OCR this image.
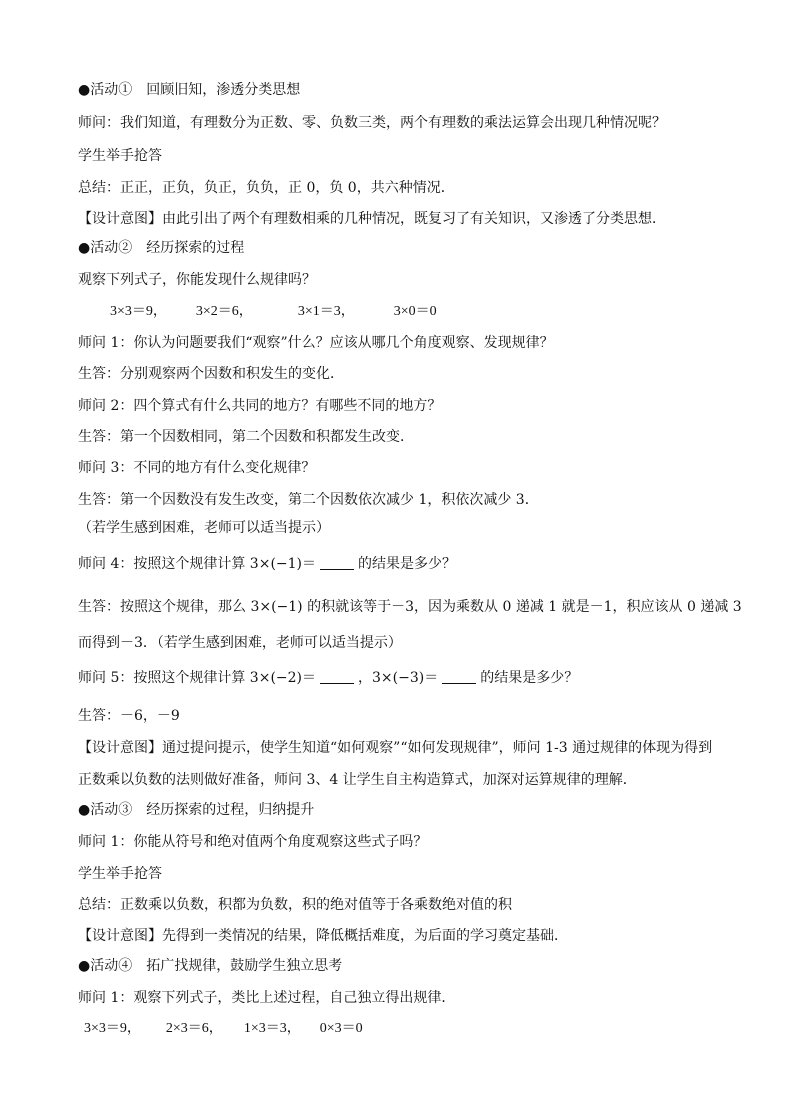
●活动①　回顾旧知，渗透分类思想
师问：我们知道，有理数分为正数、零、负数三类，两个有理数的乘法运算会出现几种情况呢？
学生举手抢答
总结：正正，正负，负正，负负，正 0，负 0，共六种情况．
【设计意图】由此引出了两个有理数相乘的几种情况，既复习了有关知识，又渗透了分类思想．
●活动②　经历探索的过程
观察下列式子，你能发现什么规律吗？
3×3＝9， 3×2＝6，	3×1＝3，	3×0＝0
师问 1：你认为问题要我们“观察”什么？应该从哪几个角度观察、发现规律？
生答：分别观察两个因数和积发生的变化．
师问 2：四个算式有什么共同的地方？有哪些不同的地方？
生答：第一个因数相同，第二个因数和积都发生改变．
师问 3：不同的地方有什么变化规律？
生答：第一个因数没有发生改变，第二个因数依次减少 1，积依次减少 3．
（若学生感到困难，老师可以适当提示）
师问 4：按照这个规律计算 3×(−1)＝	的结果是多少？
生答：按照这个规律，那么 3×(−1) 的积就该等于－3，因为乘数从 0 递减 1 就是－1，积应该从 0 递减 3
而得到－3．（若学生感到困难，老师可以适当提示）
师问 5：按照这个规律计算 3×(−2)＝	，3×(−3)＝	的结果是多少？
生答：－6，－9
【设计意图】通过提问提示，使学生知道“如何观察”“如何发现规律”，师问 1-3 通过规律的体现为得到
正数乘以负数的法则做好准备，师问 3、4 让学生自主构造算式，加深对运算规律的理解．
●活动③　经历探索的过程，归纳提升
师问 1：你能从符号和绝对值两个角度观察这些式子吗？
学生举手抢答
总结：正数乘以负数，积都为负数，积的绝对值等于各乘数绝对值的积
【设计意图】先得到一类情况的结果，降低概括难度，为后面的学习奠定基础．
●活动④　拓广找规律，鼓励学生独立思考
师问 1：观察下列式子，类比上述过程，自己独立得出规律．
3×3＝9， 2×3＝6， 1×3＝3， 0×3＝0
